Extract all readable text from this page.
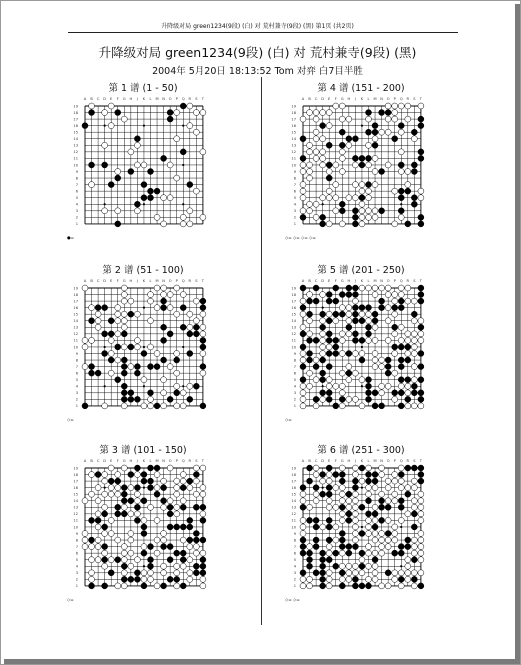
升降级对局 green1234(9段) (白) 对 荒村兼寺(9段) (黑) 第1页 (共2页)
升降级对局 green1234(9段) (白) 对 荒村兼寺(9段) (黑)
2004年 5月20日 18:13:52 Tom 对弈 白7目半胜
第 1 谱 (1 - 50)
A B C D E F G H J K L M N O P Q R S T
19
18
17
16
15
14
13
12
11
10
9
8
7
6
5
4
3
2
1
●=
第 2 谱 (51 - 100)
A B C D E F G H J K L M N O P Q R S T
19
18
17
16
15
14
13
12
11
10
9
8
7
6
5
4
3
2
1
◇=
第 3 谱 (101 - 150)
A B C D E F G H J K L M N O P Q R S T
19
18
17
16
15
14
13
12
11
10
9
8
7
6
5
4
3
2
1
◇=
第 4 谱 (151 - 200)
A B C D E F G H J K L M N O P Q R S T
19
18
17
16
15
14
13
12
11
10
9
8
7
6
5
4
3
2
1
◇= ◇= ◇= ◇=
第 5 谱 (201 - 250)
A B C D E F G H J K L M N O P Q R S T
19
18
17
16
15
14
13
12
11
10
9
8
7
6
5
4
3
2
1
◇=
第 6 谱 (251 - 300)
A B C D E F G H J K L M N O P Q R S T
19
18
17
16
15
14
13
12
11
10
9
8
7
6
5
4
3
2
1
◇= ◇=
